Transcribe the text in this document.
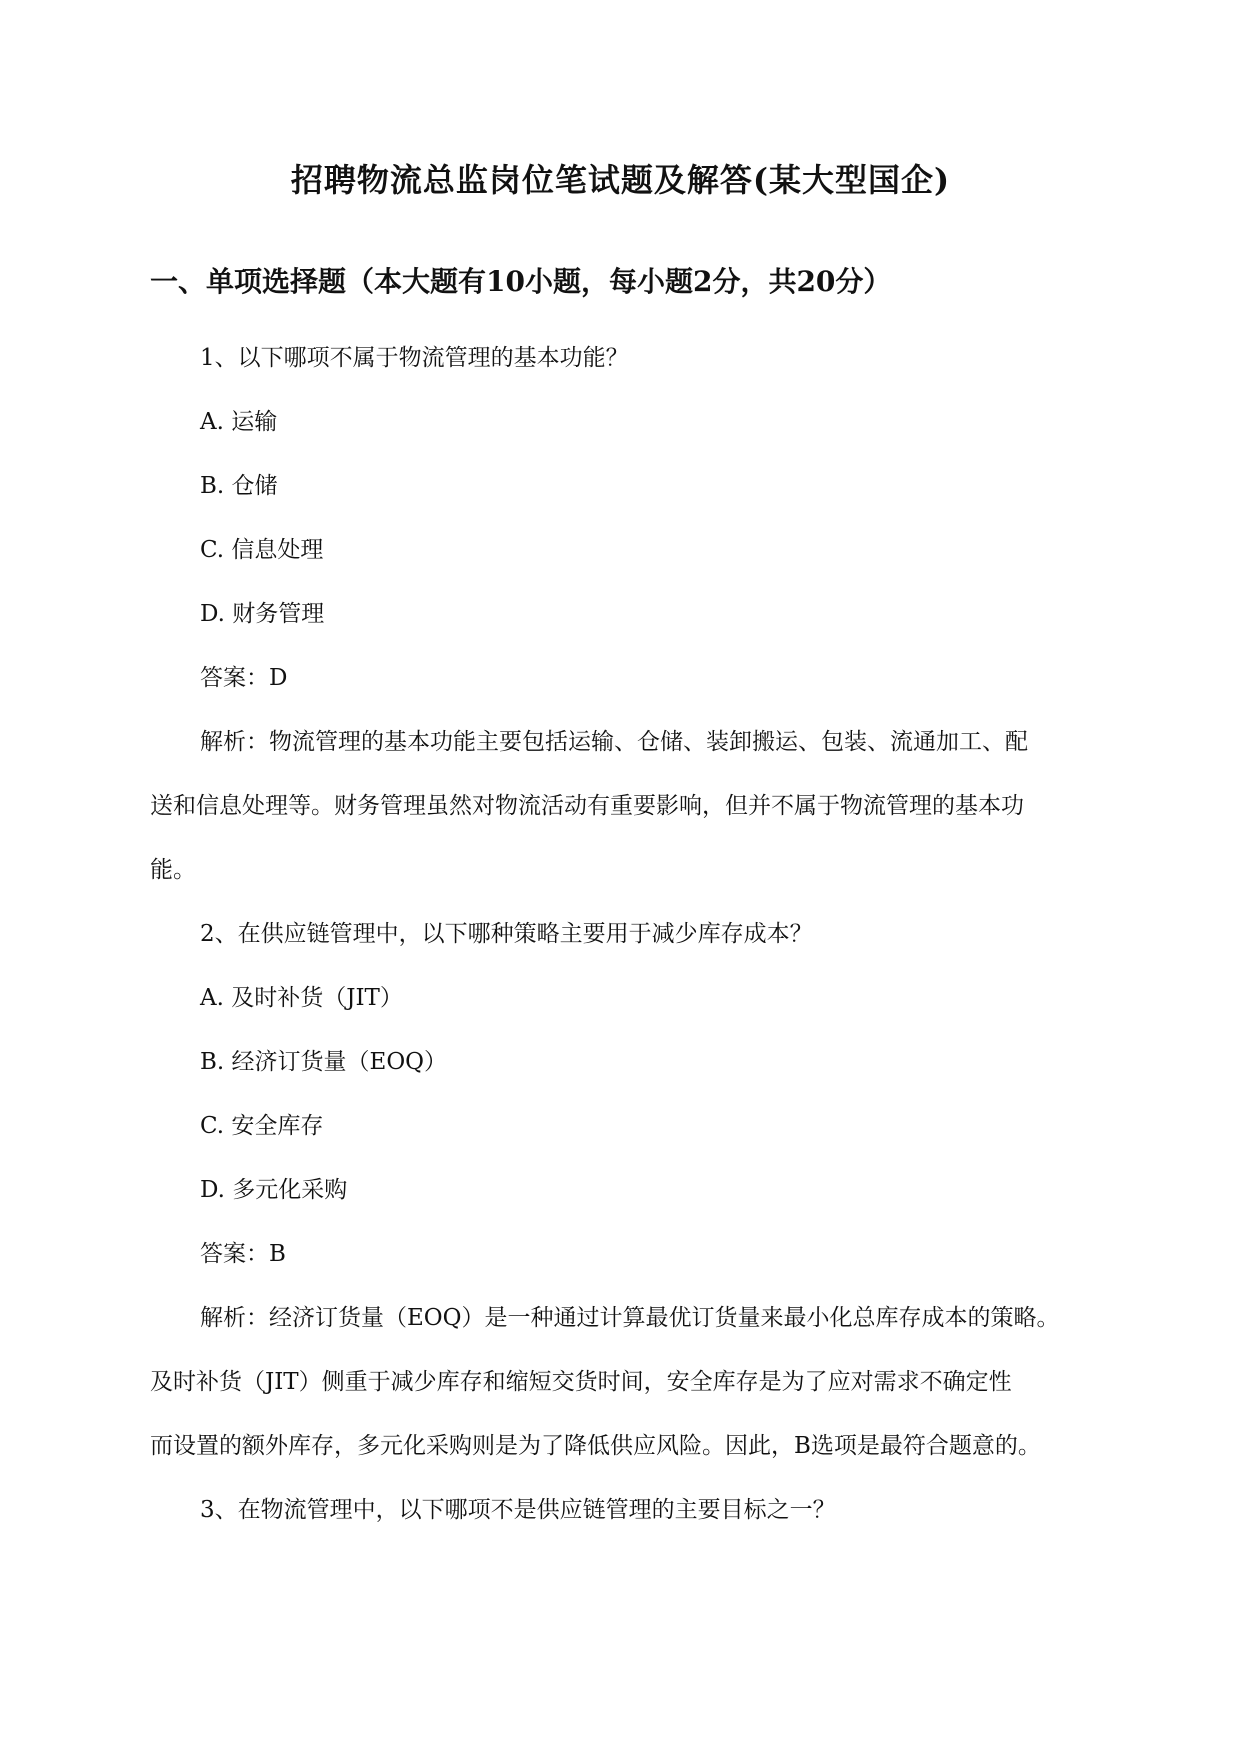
招聘物流总监岗位笔试题及解答(某大型国企)
一、单项选择题（本大题有10小题，每小题2分，共20分）
1、以下哪项不属于物流管理的基本功能？
A. 运输
B. 仓储
C. 信息处理
D. 财务管理
答案：D
解析：物流管理的基本功能主要包括运输、仓储、装卸搬运、包装、流通加工、配
送和信息处理等。财务管理虽然对物流活动有重要影响，但并不属于物流管理的基本功
能。
2、在供应链管理中，以下哪种策略主要用于减少库存成本？
A. 及时补货（JIT）
B. 经济订货量（EOQ）
C. 安全库存
D. 多元化采购
答案：B
解析：经济订货量（EOQ）是一种通过计算最优订货量来最小化总库存成本的策略。
及时补货（JIT）侧重于减少库存和缩短交货时间，安全库存是为了应对需求不确定性
而设置的额外库存，多元化采购则是为了降低供应风险。因此，B选项是最符合题意的。
3、在物流管理中，以下哪项不是供应链管理的主要目标之一？
